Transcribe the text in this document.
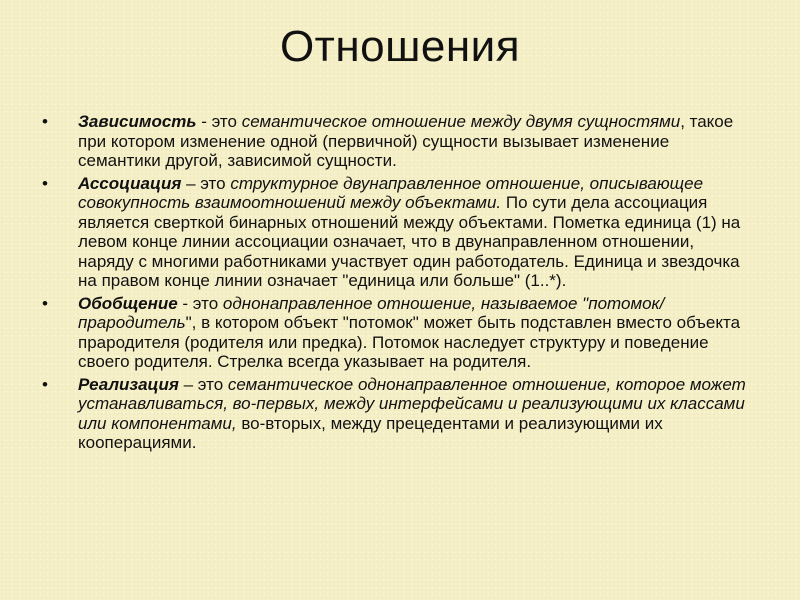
Отношения
• Зависимость - это семантическое отношение между двумя сущностями, такое при котором изменение одной (первичной) сущности вызывает изменение семантики другой, зависимой сущности.
• Ассоциация – это структурное двунаправленное отношение, описывающее совокупность взаимоотношений между объектами. По сути дела ассоциация является сверткой бинарных отношений между объектами. Пометка единица (1) на левом конце линии ассоциации означает, что в двунаправленном отношении, наряду с многими работниками участвует один работодатель. Единица и звездочка на правом конце линии означает "единица или больше" (1..*).
• Обобщение - это однонаправленное отношение, называемое "потомок/прародитель", в котором объект "потомок" может быть подставлен вместо объекта прародителя (родителя или предка). Потомок наследует структуру и поведение своего родителя. Стрелка всегда указывает на родителя.
• Реализация – это семантическое однонаправленное отношение, которое может устанавливаться, во-первых, между интерфейсами и реализующими их классами или компонентами, во-вторых, между прецедентами и реализующими их кооперациями.
